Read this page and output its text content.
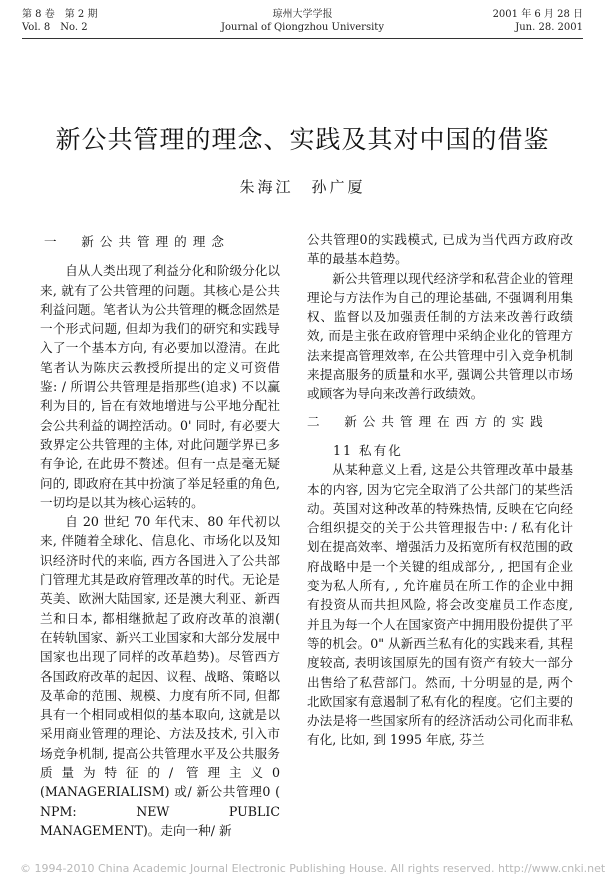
第 8 卷　第 2 期
Vol. 8　No. 2
琼州大学学报
Journal of Qiongzhou University
2001 年 6 月 28 日
Jun. 28. 2001
新公共管理的理念、实践及其对中国的借鉴
朱海江　孙广厦
一　新公共管理的理念

自从人类出现了利益分化和阶级分化以来, 就有了公共管理的问题。其核心是公共利益问题。笔者认为公共管理的概念固然是一个形式问题, 但却为我们的研究和实践导入了一个基本方向, 有必要加以澄清。在此笔者认为陈庆云教授所提出的定义可资借鉴: / 所谓公共管理是指那些(追求) 不以赢利为目的, 旨在有效地增进与公平地分配社会公共利益的调控活动。0' 同时, 有必要大致界定公共管理的主体, 对此问题学界已多有争论, 在此毋不赘述。但有一点是毫无疑问的, 即政府在其中扮演了举足轻重的角色, 一切均是以其为核心运转的。

自 20 世纪 70 年代末、80 年代初以来, 伴随着全球化、信息化、市场化以及知识经济时代的来临, 西方各国进入了公共部门管理尤其是政府管理改革的时代。无论是英美、欧洲大陆国家, 还是澳大利亚、新西兰和日本, 都相继掀起了政府改革的浪潮( 在转轨国家、新兴工业国家和大部分发展中国家也出现了同样的改革趋势)。尽管西方各国政府改革的起因、议程、战略、策略以及革命的范围、规模、力度有所不同, 但都具有一个相同或相似的基本取向, 这就是以采用商业管理的理论、方法及技术, 引入市场竞争机制, 提高公共管理水平及公共服务质量为特征的/ 管理主义0 (MANAGERIALISM) 或/ 新公共管理0 ( NPM: NEW PUBLIC MANAGEMENT)。走向一种/ 新

公共管理0的实践模式, 已成为当代西方政府改革的最基本趋势。

新公共管理以现代经济学和私营企业的管理理论与方法作为自己的理论基础, 不强调利用集权、监督以及加强责任制的方法来改善行政绩效, 而是主张在政府管理中采纳企业化的管理方法来提高管理效率, 在公共管理中引入竞争机制来提高服务的质量和水平, 强调公共管理以市场或顾客为导向来改善行政绩效。

二　新公共管理在西方的实践
11 私有化

从某种意义上看, 这是公共管理改革中最基本的内容, 因为它完全取消了公共部门的某些活动。英国对这种改革的特殊热情, 反映在它向经合组织提交的关于公共管理报告中: / 私有化计划在提高效率、增强活力及拓宽所有权范围的政府战略中是一个关键的组成部分, , 把国有企业变为私人所有, , 允许雇员在所工作的企业中拥有投资从而共担风险, 将会改变雇员工作态度, 并且为每一个人在国家资产中拥用股份提供了平等的机会。0" 从新西兰私有化的实践来看, 其程度较高, 表明该国原先的国有资产有较大一部分出售给了私营部门。然而, 十分明显的是, 两个北欧国家有意遏制了私有化的程度。它们主要的办法是将一些国家所有的经济活动公司化而非私有化, 比如, 到 1995 年底, 芬兰

© 1994-2010 China Academic Journal Electronic Publishing House. All rights reserved. http://www.cnki.net
